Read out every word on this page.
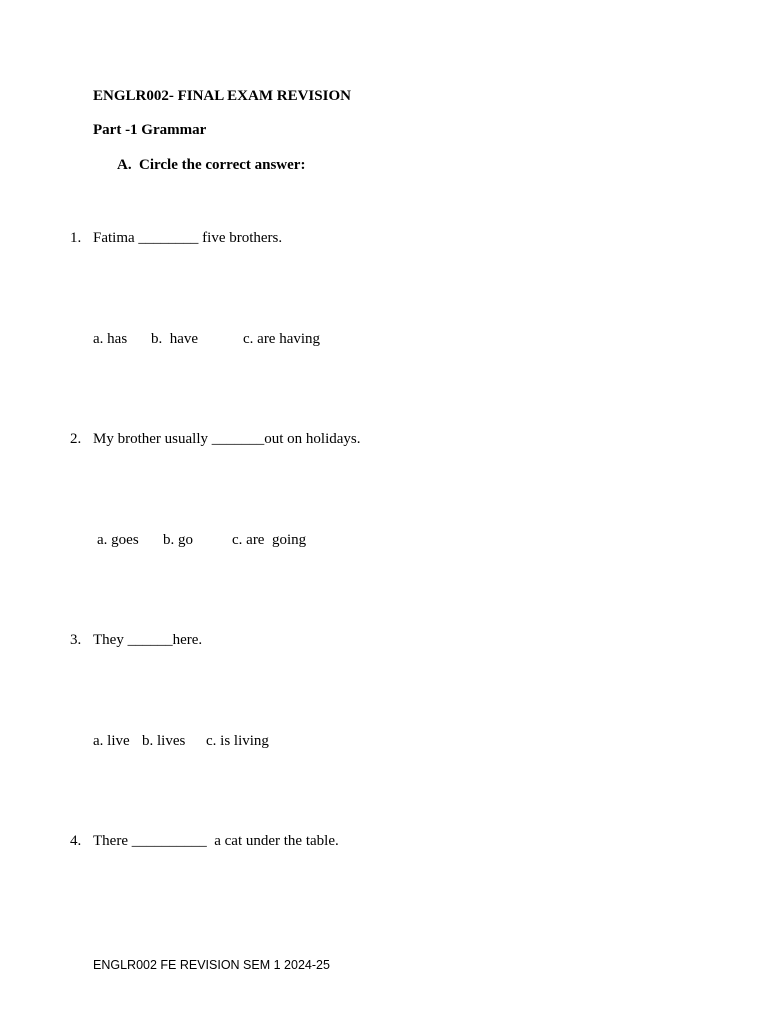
ENGLR002- FINAL EXAM REVISION
Part -1 Grammar
A. Circle the correct answer:
1. Fatima ________ five brothers.
a. has b.  have	c. are having
2. My brother usually _______out on holidays.
a. goes b. go	c. are  going
3. They ______here.
a. live b. lives c. is living
4. There __________  a cat under the table.
ENGLR002 FE REVISION SEM 1 2024-25
